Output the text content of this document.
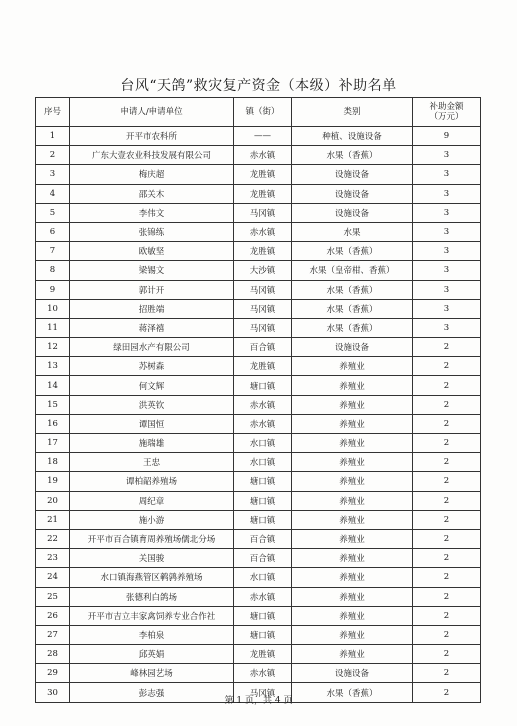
台风“天鸽”救灾复产资金（本级）补助名单
序号	申请人/申请单位	镇（街）	类别	补助金额
（万元）

1	开平市农科所	——	种植、设施设备	9
2	广东大壹农业科技发展有限公司	赤水镇	水果（香蕉）	3
3	梅庆超	龙胜镇	设施设备	3
4	邵关木	龙胜镇	设施设备	3
5	李伟文	马冈镇	设施设备	3
6	张锦练	赤水镇	水果	3
7	欧敏坚	龙胜镇	水果（香蕉）	3
8	梁锡文	大沙镇	水果（皇帝柑、香蕉）	3
9	郭计开	马冈镇	水果（香蕉）	3
10	招胜端	马冈镇	水果（香蕉）	3
11	蒋泽禧	马冈镇	水果（香蕉）	3
12	绿田园水产有限公司	百合镇	设施设备	2
13	苏树森	龙胜镇	养殖业	2
14	何文辉	塘口镇	养殖业	2
15	洪英钦	赤水镇	养殖业	2
16	谭国恒	赤水镇	养殖业	2
17	施瑞雄	水口镇	养殖业	2
18	王忠	水口镇	养殖业	2
19	谭柏韶养殖场	塘口镇	养殖业	2
20	周纪章	塘口镇	养殖业	2
21	施小游	塘口镇	养殖业	2
22	开平市百合镇育周养殖场儒北分场	百合镇	养殖业	2
23	关国骏	百合镇	养殖业	2
24	水口镇海燕管区鹌鹑养殖场	水口镇	养殖业	2
25	张德利白鸽场	赤水镇	养殖业	2
26	开平市吉立丰家禽饲养专业合作社	塘口镇	养殖业	2
27	李柏泉	塘口镇	养殖业	2
28	邱英娟	龙胜镇	养殖业	2
29	峰林园艺场	赤水镇	设施设备	2
30	彭志强	马冈镇	水果（香蕉）	2
第 1 页，共 4 页
